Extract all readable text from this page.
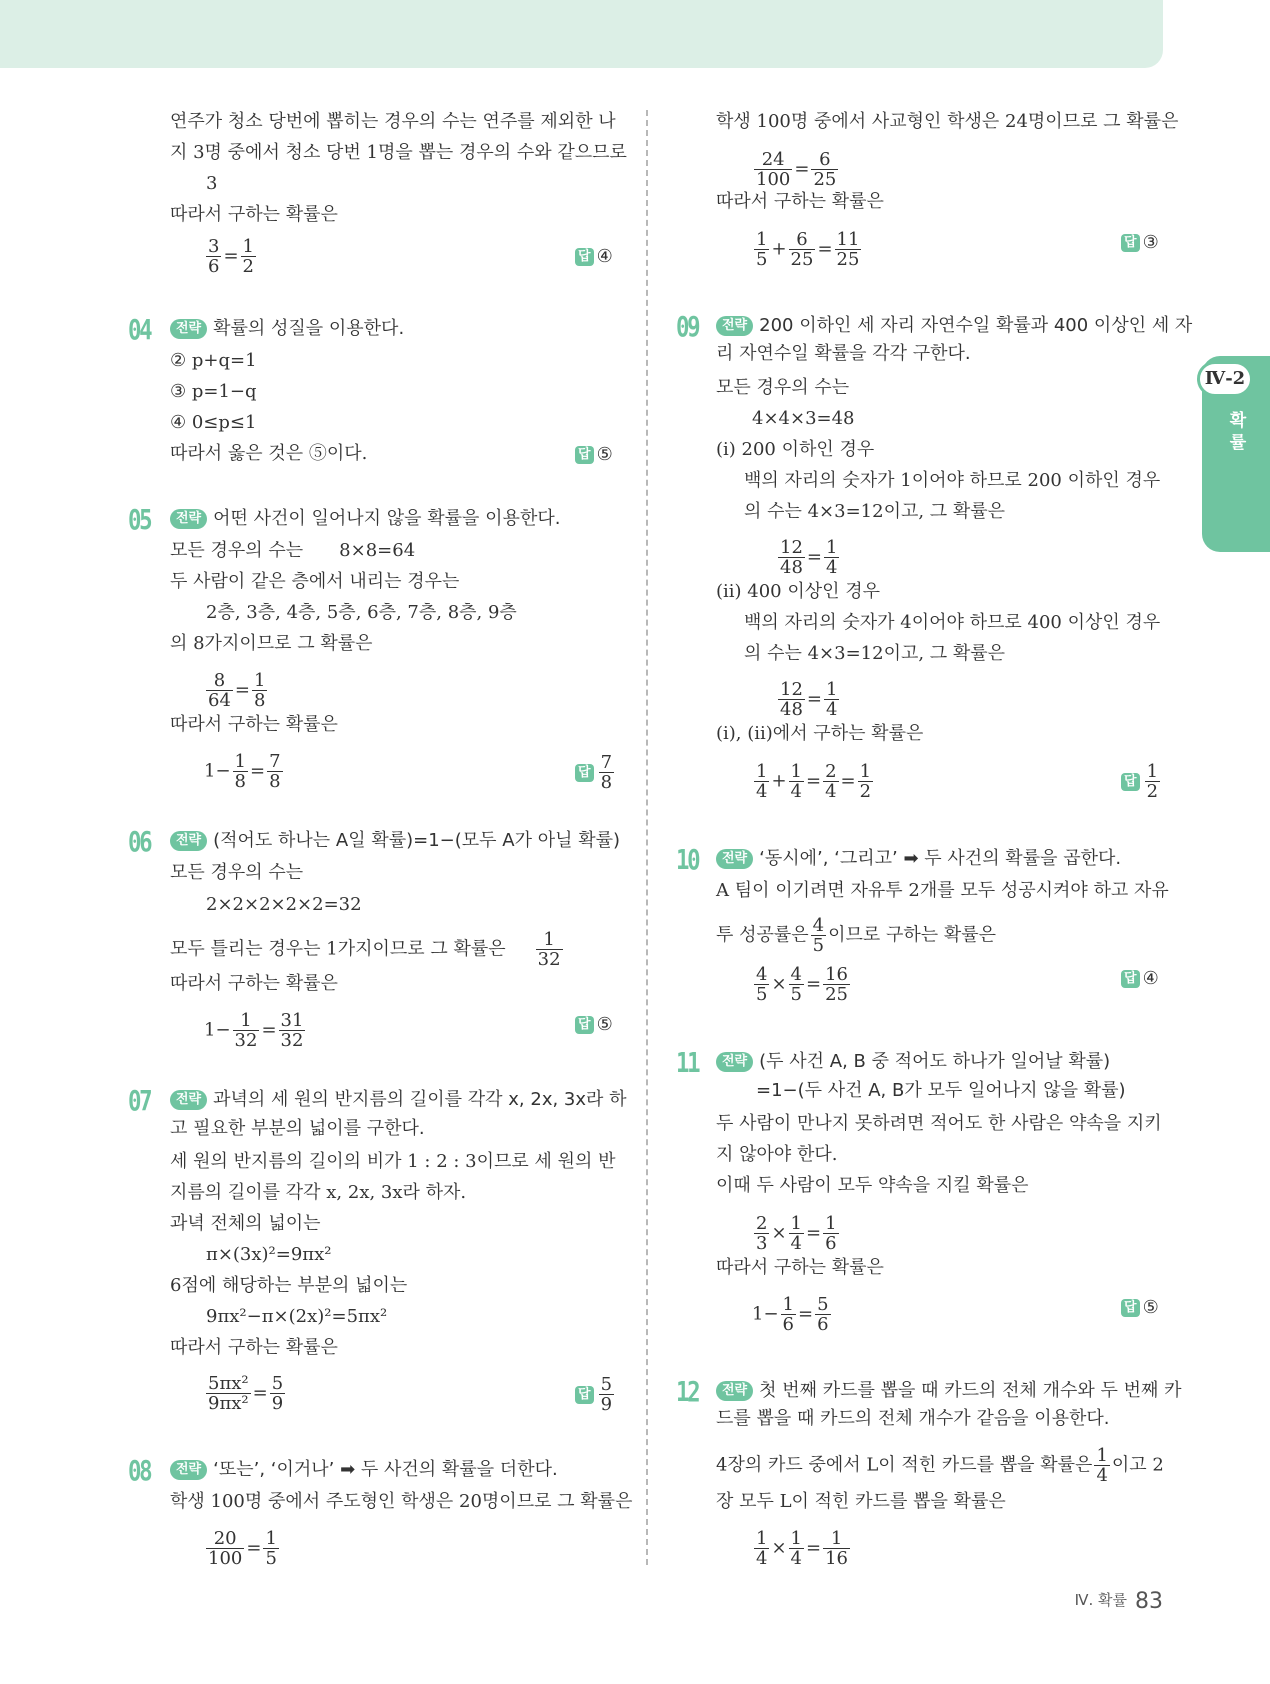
Ⅳ-2
확률
연주가 청소 당번에 뽑히는 경우의 수는 연주를 제외한 나
지 3명 중에서 청소 당번 1명을 뽑는 경우의 수와 같으므로
3
따라서 구하는 확률은
$\frac{3}{6} = \frac{1}{2}$	답 ④
04	전략 확률의 성질을 이용한다.
② p+q=1
③ p=1−q
④ 0≤p≤1
따라서 옳은 것은 ⑤이다.	답 ⑤
05	전략 어떤 사건이 일어나지 않을 확률을 이용한다.
모든 경우의 수는 8×8=64
두 사람이 같은 층에서 내리는 경우는
2층, 3층, 4층, 5층, 6층, 7층, 8층, 9층
의 8가지이므로 그 확률은
$\frac{8}{64} = \frac{1}{8}$
따라서 구하는 확률은
$1- \frac{1}{8} = \frac{7}{8}$	답 $\frac{7}{8}$
06	전략 (적어도 하나는 A일 확률)=1−(모두 A가 아닐 확률)
모든 경우의 수는
2×2×2×2×2=32
모두 틀리는 경우는 1가지이므로 그 확률은 $\frac{1}{32}$
따라서 구하는 확률은
$1- \frac{1}{32} = \frac{31}{32}$	답 ⑤
07	전략 과녁의 세 원의 반지름의 길이를 각각 x, 2x, 3x라 하
고 필요한 부분의 넓이를 구한다.
세 원의 반지름의 길이의 비가 1 : 2 : 3이므로 세 원의 반
지름의 길이를 각각 x, 2x, 3x라 하자.
과녁 전체의 넓이는
π×(3x)²=9πx²
6점에 해당하는 부분의 넓이는
9πx²−π×(2x)²=5πx²
따라서 구하는 확률은
$\frac{\text{5πx²}}{\text{9πx²}} = \frac{5}{9}$	답 $\frac{5}{9}$
08	전략 ‘또는’, ‘이거나’ ➡ 두 사건의 확률을 더한다.
학생 100명 중에서 주도형인 학생은 20명이므로 그 확률은
$\frac{20}{100} = \frac{1}{5}$
학생 100명 중에서 사교형인 학생은 24명이므로 그 확률은
$\frac{24}{100} = \frac{6}{25}$
따라서 구하는 확률은
$\frac{1}{5} + \frac{6}{25} = \frac{11}{25}$	답 ③
09	전략 200 이하인 세 자리 자연수일 확률과 400 이상인 세 자
리 자연수일 확률을 각각 구한다.
모든 경우의 수는
4×4×3=48
(ⅰ) 200 이하인 경우
백의 자리의 숫자가 1이어야 하므로 200 이하인 경우
의 수는 4×3=12이고, 그 확률은
$\frac{12}{48} = \frac{1}{4}$
(ⅱ) 400 이상인 경우
백의 자리의 숫자가 4이어야 하므로 400 이상인 경우
의 수는 4×3=12이고, 그 확률은
$\frac{12}{48} = \frac{1}{4}$
(ⅰ), (ⅱ)에서 구하는 확률은
$\frac{1}{4} + \frac{1}{4} = \frac{2}{4} = \frac{1}{2}$	답 $\frac{1}{2}$
10	전략 ‘동시에’, ‘그리고’ ➡ 두 사건의 확률을 곱한다.
A 팀이 이기려면 자유투 2개를 모두 성공시켜야 하고 자유
투 성공률은 $\frac{4}{5}$ 이므로 구하는 확률은
$\frac{4}{5} \times \frac{4}{5} = \frac{16}{25}$	답 ④
11	전략 (두 사건 A, B 중 적어도 하나가 일어날 확률)
=1−(두 사건 A, B가 모두 일어나지 않을 확률)
두 사람이 만나지 못하려면 적어도 한 사람은 약속을 지키
지 않아야 한다.
이때 두 사람이 모두 약속을 지킬 확률은
$\frac{2}{3} \times \frac{1}{4} = \frac{1}{6}$
따라서 구하는 확률은
$1- \frac{1}{6} = \frac{5}{6}$	답 ⑤
12	전략 첫 번째 카드를 뽑을 때 카드의 전체 개수와 두 번째 카
드를 뽑을 때 카드의 전체 개수가 같음을 이용한다.
4장의 카드 중에서 L이 적힌 카드를 뽑을 확률은 $\frac{1}{4}$ 이고 2
장 모두 L이 적힌 카드를 뽑을 확률은
$\frac{1}{4} \times \frac{1}{4} = \frac{1}{16}$
Ⅳ. 확률 83
